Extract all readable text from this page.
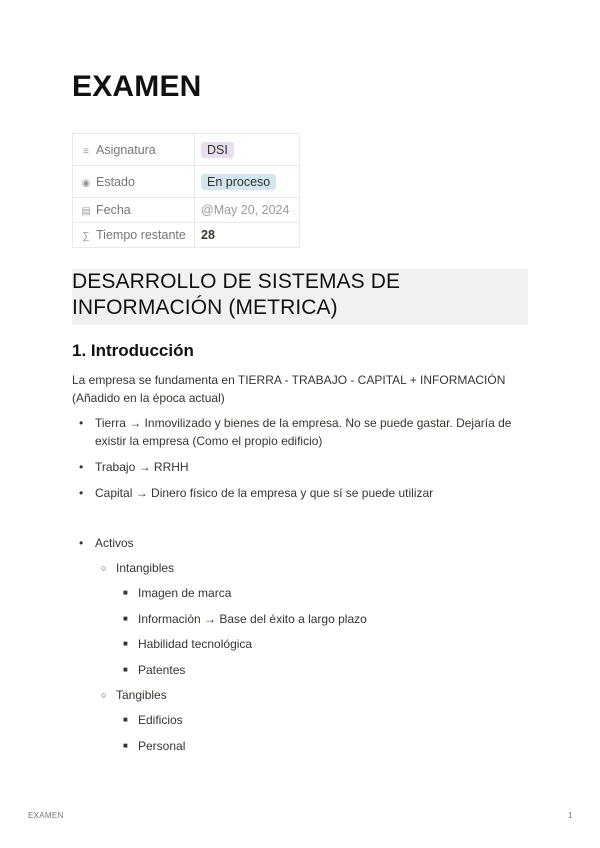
EXAMEN
≡ Asignatura	DSI
◉ Estado	En proceso
▤ Fecha	@May 20, 2024
∑ Tiempo restante	28
DESARROLLO DE SISTEMAS DE
INFORMACIÓN (METRICA)
1. Introducción

La empresa se fundamenta en TIERRA - TRABAJO - CAPITAL + INFORMACIÓN (Añadido en la época actual)

• Tierra → Inmovilizado y bienes de la empresa. No se puede gastar. Dejaría de existir la empresa (Como el propio edificio)
• Trabajo → RRHH
• Capital → Dinero físico de la empresa y que sí se puede utilizar
• Activos
○ Intangibles
■ Imagen de marca
■ Información → Base del éxito a largo plazo
■ Habilidad tecnológica
■ Patentes
○ Tangibles
■ Edificios
■ Personal
EXAMEN	1
